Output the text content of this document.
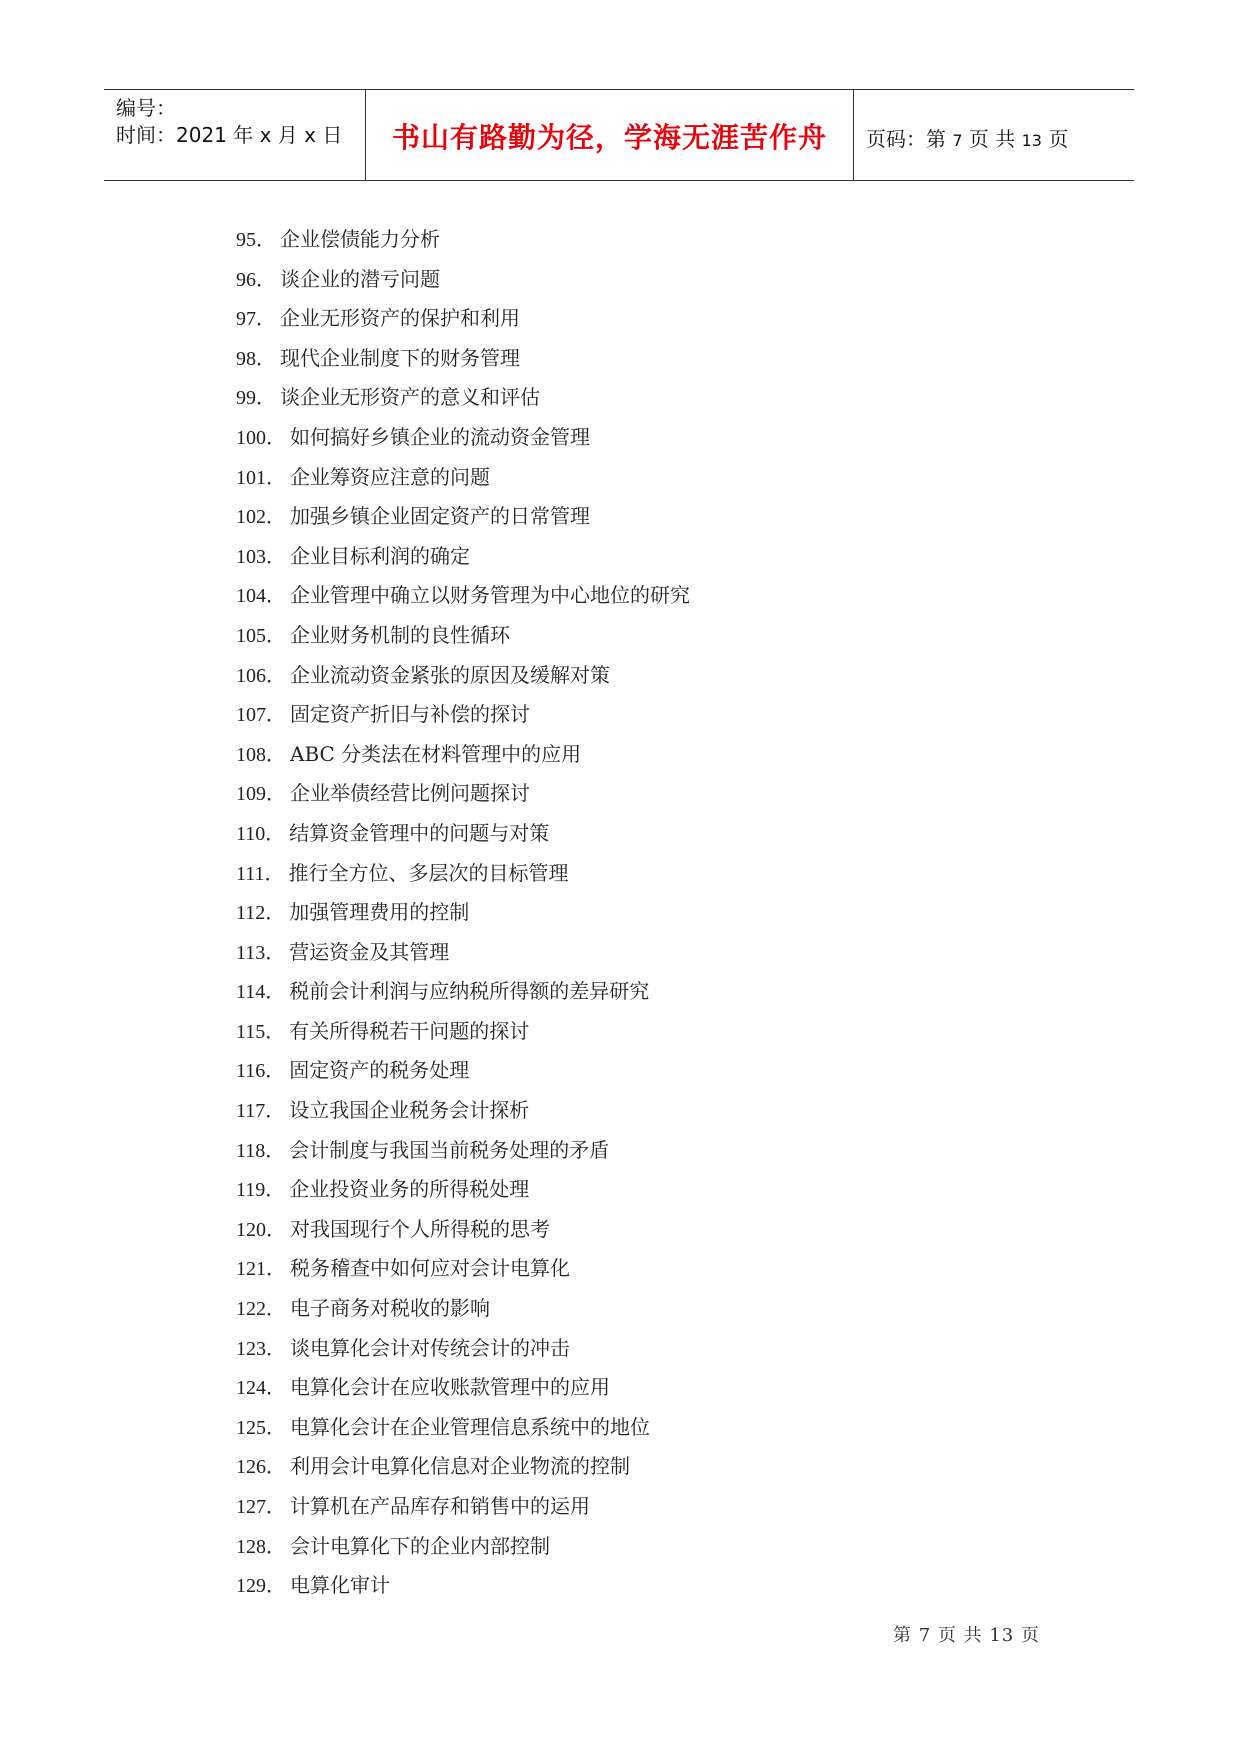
编号：
时间：2021 年 x 月 x 日 书山有路勤为径，学海无涯苦作舟 页码：第 7 页 共 13 页
95． 企业偿债能力分析
96． 谈企业的潜亏问题
97． 企业无形资产的保护和利用
98． 现代企业制度下的财务管理
99． 谈企业无形资产的意义和评估
100． 如何搞好乡镇企业的流动资金管理
101． 企业筹资应注意的问题
102． 加强乡镇企业固定资产的日常管理
103． 企业目标利润的确定
104． 企业管理中确立以财务管理为中心地位的研究
105． 企业财务机制的良性循环
106． 企业流动资金紧张的原因及缓解对策
107． 固定资产折旧与补偿的探讨
108． ABC 分类法在材料管理中的应用
109． 企业举债经营比例问题探讨
110． 结算资金管理中的问题与对策
111． 推行全方位、多层次的目标管理
112． 加强管理费用的控制
113． 营运资金及其管理
114． 税前会计利润与应纳税所得额的差异研究
115． 有关所得税若干问题的探讨
116． 固定资产的税务处理
117． 设立我国企业税务会计探析
118． 会计制度与我国当前税务处理的矛盾
119． 企业投资业务的所得税处理
120． 对我国现行个人所得税的思考
121． 税务稽查中如何应对会计电算化
122． 电子商务对税收的影响
123． 谈电算化会计对传统会计的冲击
124． 电算化会计在应收账款管理中的应用
125． 电算化会计在企业管理信息系统中的地位
126． 利用会计电算化信息对企业物流的控制
127． 计算机在产品库存和销售中的运用
128． 会计电算化下的企业内部控制
129． 电算化审计
第 7 页 共 13 页
